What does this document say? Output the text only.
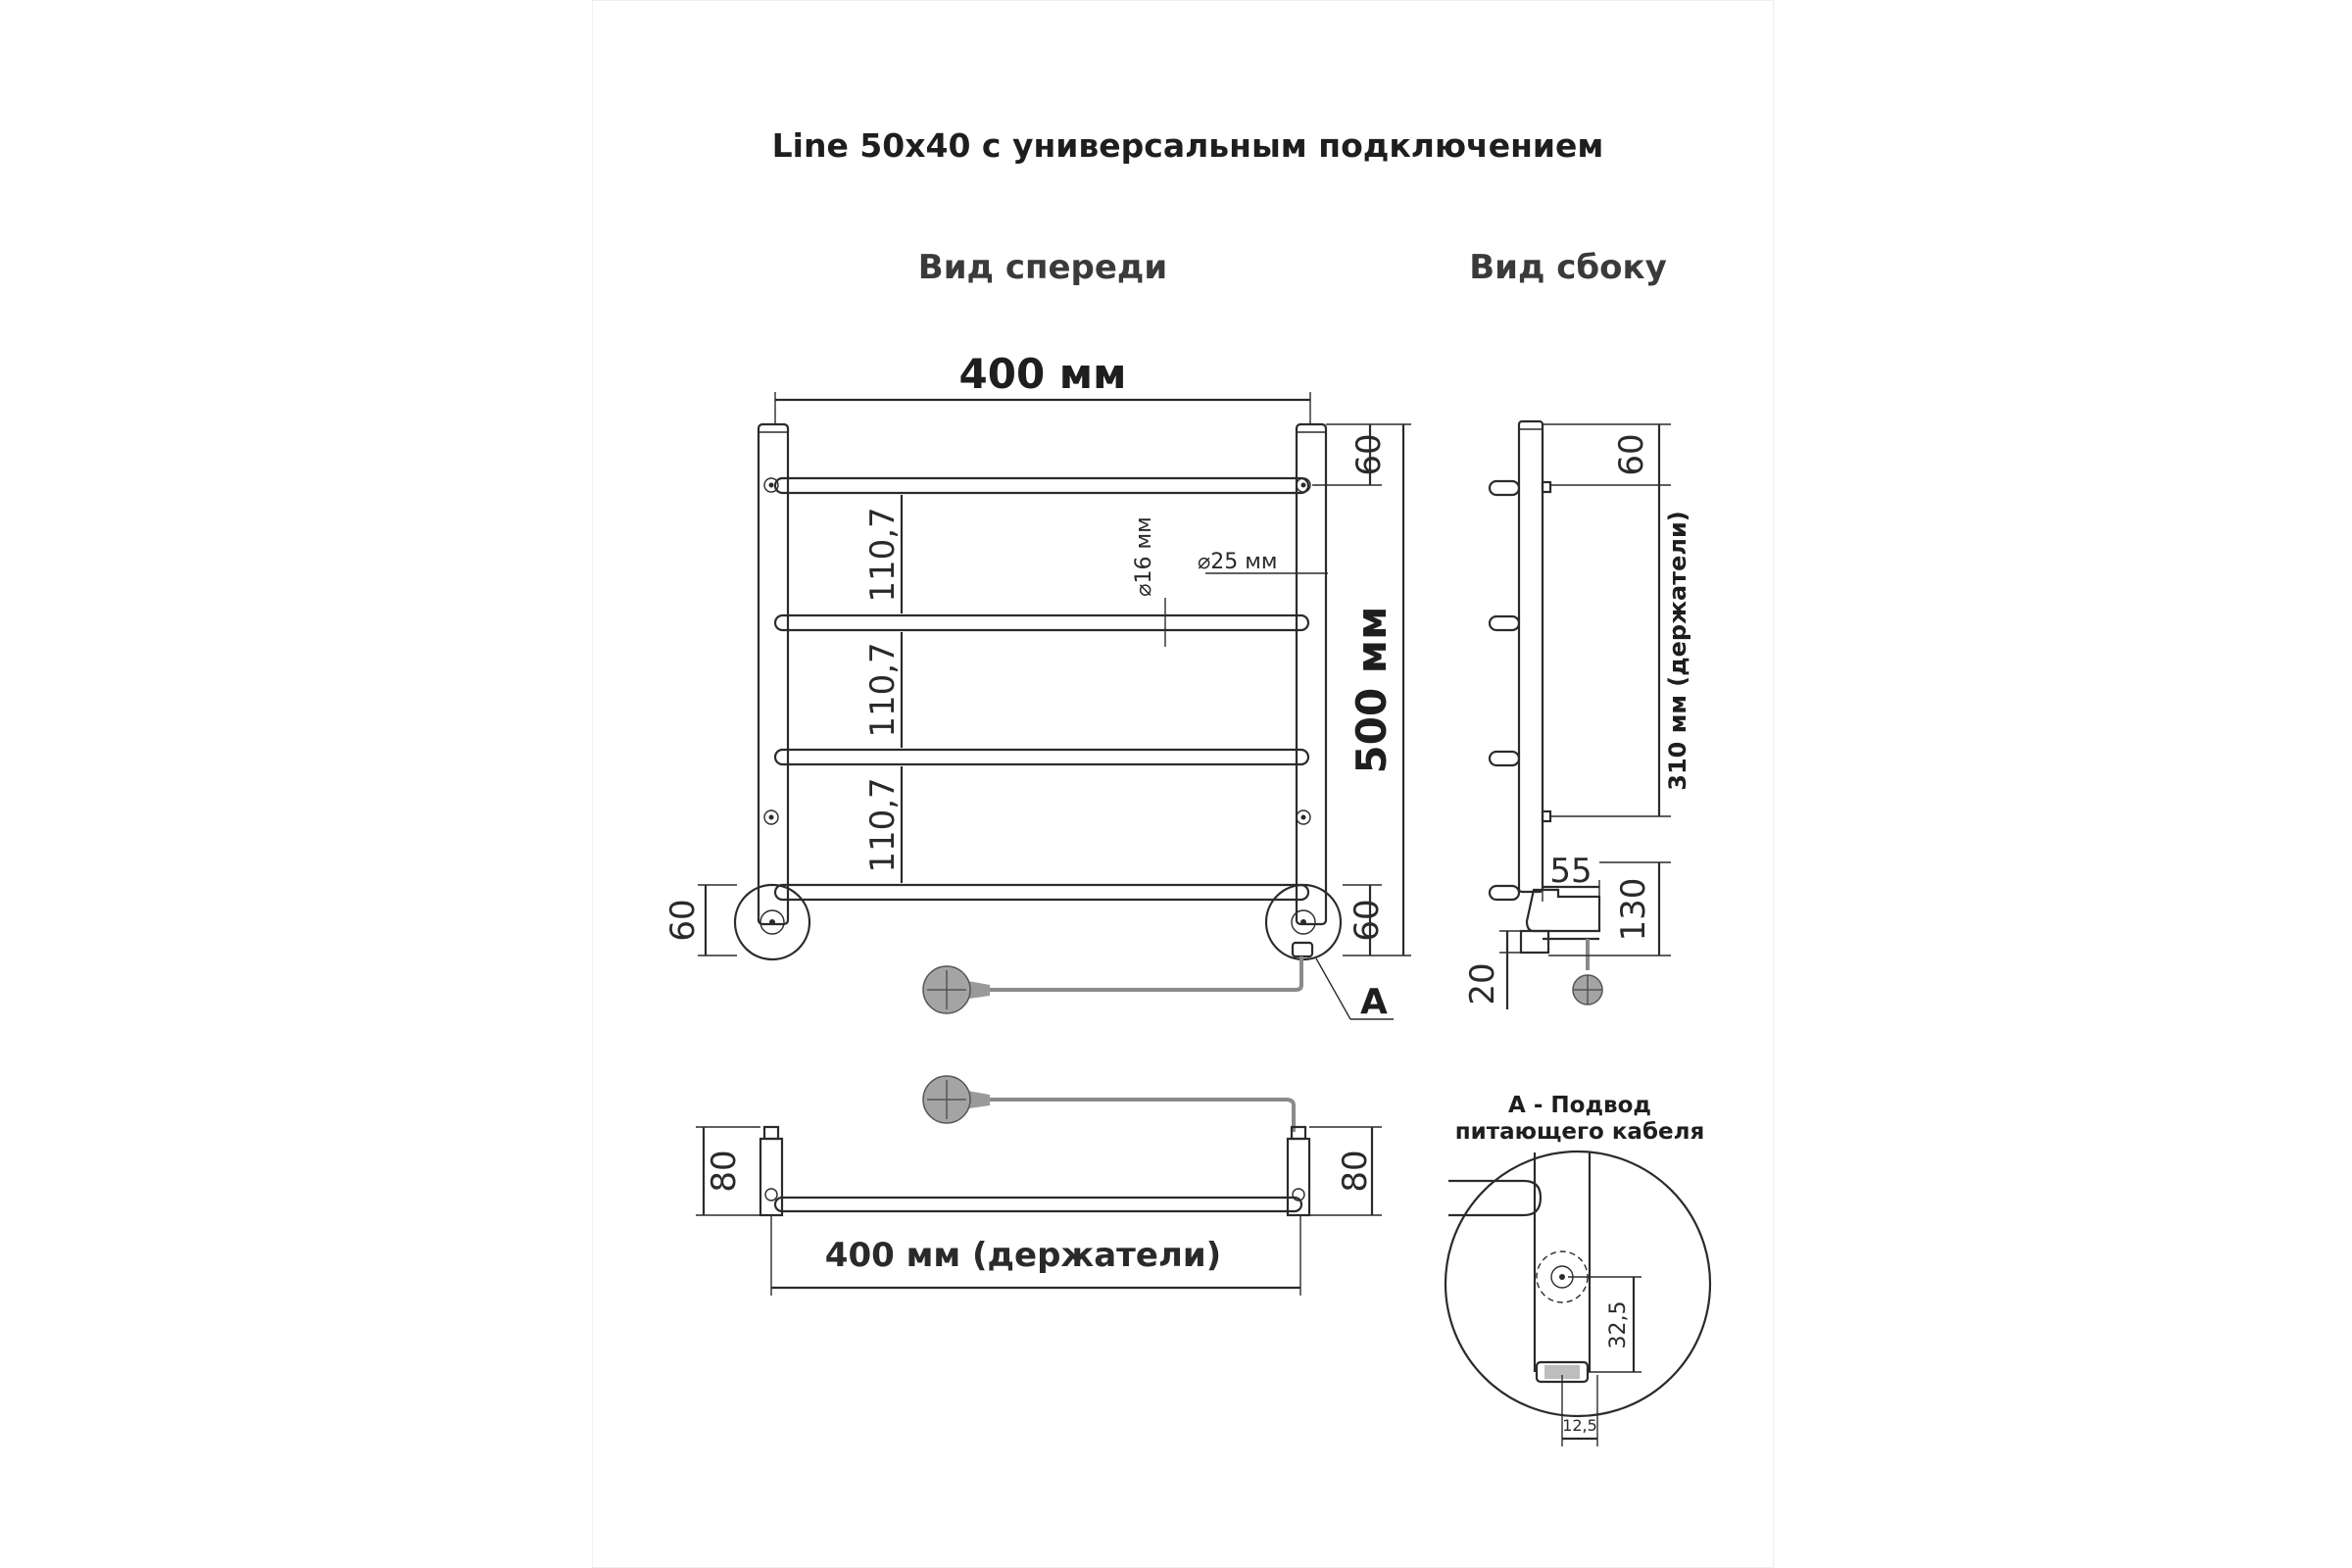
Line 50x40 с универсальным подключением
Вид спереди	Вид сбоку
400 мм
60
500 мм
60
60
110,7
110,7
110,7
⌀16 мм ⌀25 мм
A
60
310 мм (держатели)
55
130
20
80	80
400 мм (держатели)
A - Подвод
питающего кабеля
32,5
12,5
